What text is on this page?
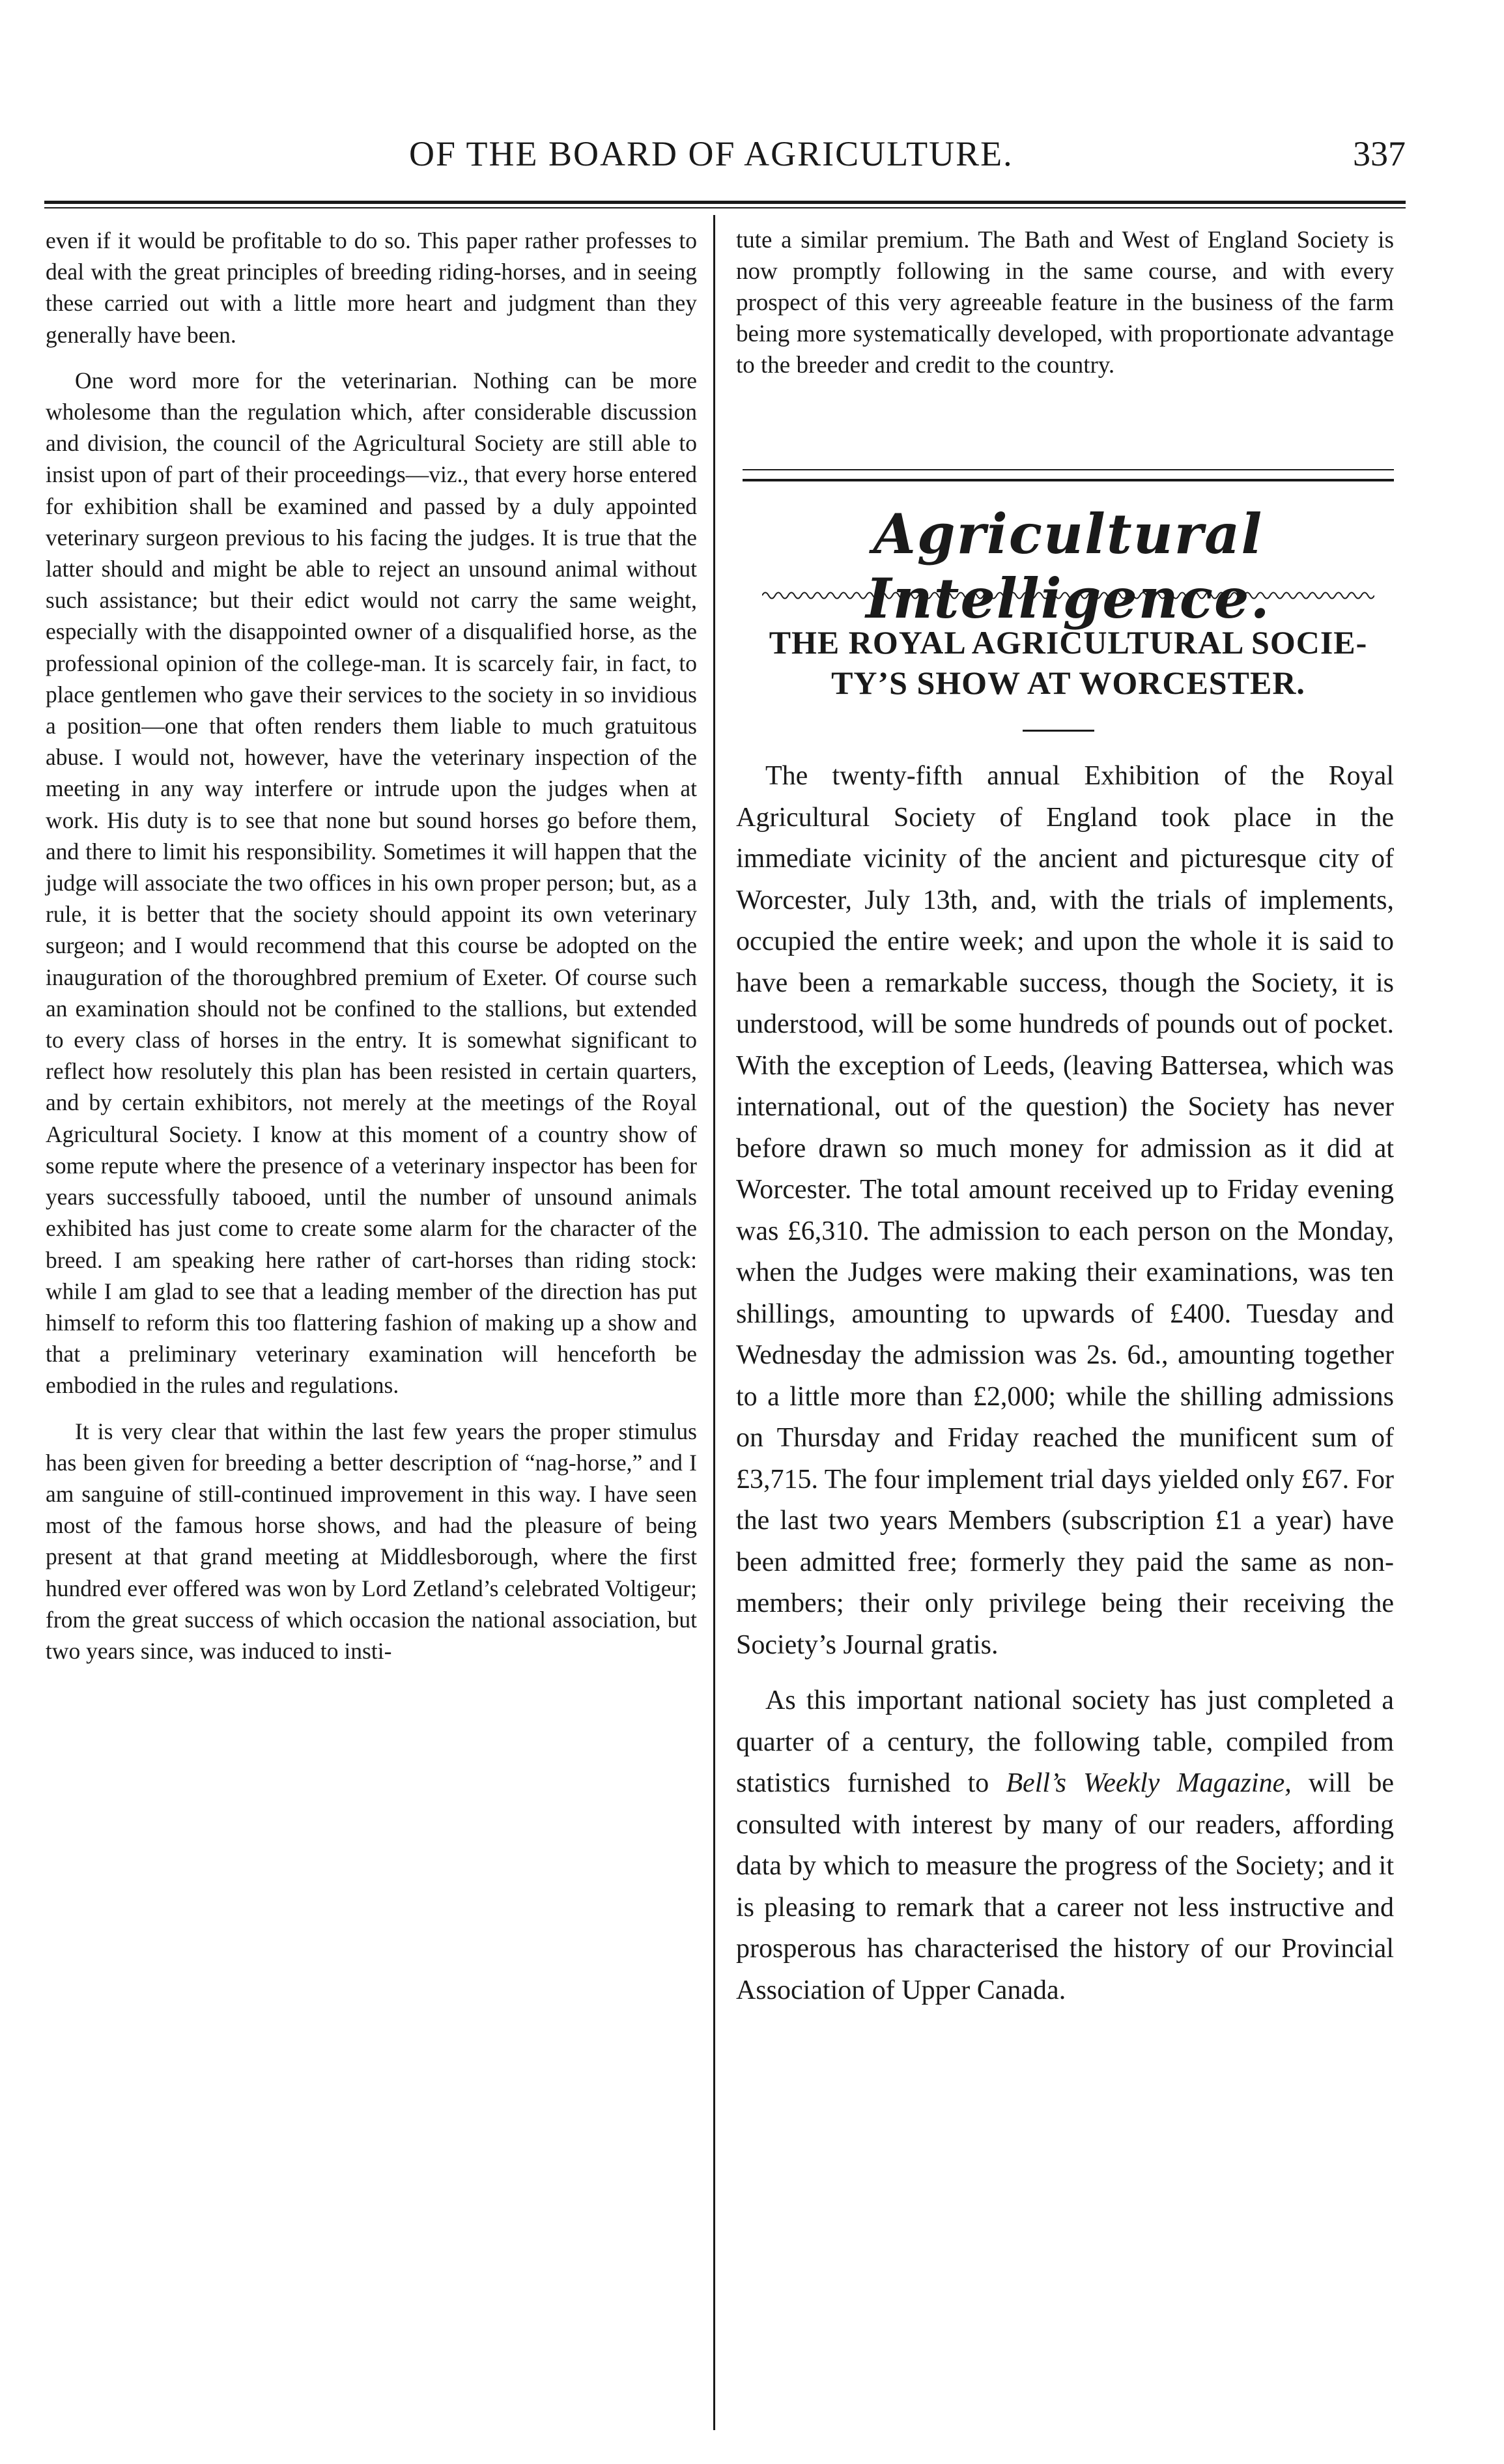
OF THE BOARD OF AGRICULTURE.	337

even if it would be profitable to do so. This paper rather professes to deal with the great principles of breeding riding-horses, and in seeing these carried out with a little more heart and judgment than they generally have been.

One word more for the veterinarian. Nothing can be more wholesome than the regulation which, after considerable discussion and division, the council of the Agricultural Society are still able to insist upon of part of their proceedings—viz., that every horse entered for exhibition shall be examined and passed by a duly appointed veterinary surgeon previous to his facing the judges. It is true that the latter should and might be able to reject an unsound animal without such assistance; but their edict would not carry the same weight, especially with the disappointed owner of a disqualified horse, as the professional opinion of the college-man. It is scarcely fair, in fact, to place gentlemen who gave their services to the society in so invidious a position—one that often renders them liable to much gratuitous abuse. I would not, however, have the veterinary inspection of the meeting in any way interfere or intrude upon the judges when at work. His duty is to see that none but sound horses go before them, and there to limit his responsibility. Sometimes it will happen that the judge will associate the two offices in his own proper person; but, as a rule, it is better that the society should appoint its own veterinary surgeon; and I would recommend that this course be adopted on the inauguration of the thoroughbred premium of Exeter. Of course such an examination should not be confined to the stallions, but extended to every class of horses in the entry. It is somewhat significant to reflect how resolutely this plan has been resisted in certain quarters, and by certain exhibitors, not merely at the meetings of the Royal Agricultural Society. I know at this moment of a country show of some repute where the presence of a veterinary inspector has been for years successfully tabooed, until the number of unsound animals exhibited has just come to create some alarm for the character of the breed. I am speaking here rather of cart-horses than riding stock: while I am glad to see that a leading member of the direction has put himself to reform this too flattering fashion of making up a show and that a preliminary veterinary examination will henceforth be embodied in the rules and regulations.

It is very clear that within the last few years the proper stimulus has been given for breeding a better description of “nag-horse,” and I am sanguine of still-continued improvement in this way. I have seen most of the famous horse shows, and had the pleasure of being present at that grand meeting at Middlesborough, where the first hundred ever offered was won by Lord Zetland’s celebrated Voltigeur; from the great success of which occasion the national association, but two years since, was induced to insti-

tute a similar premium. The Bath and West of England Society is now promptly following in the same course, and with every prospect of this very agreeable feature in the business of the farm being more systematically developed, with proportionate advantage to the breeder and credit to the country.

Agricultural Intelligence.
THE ROYAL AGRICULTURAL SOCIE-
TY’S SHOW AT WORCESTER.

The twenty-fifth annual Exhibition of the Royal Agricultural Society of England took place in the immediate vicinity of the ancient and picturesque city of Worcester, July 13th, and, with the trials of implements, occupied the entire week; and upon the whole it is said to have been a remarkable success, though the Society, it is understood, will be some hundreds of pounds out of pocket. With the exception of Leeds, (leaving Battersea, which was international, out of the question) the Society has never before drawn so much money for admission as it did at Worcester. The total amount received up to Friday evening was £6,310. The admission to each person on the Monday, when the Judges were making their examinations, was ten shillings, amounting to upwards of £400. Tuesday and Wednesday the admission was 2s. 6d., amounting together to a little more than £2,000; while the shilling admissions on Thursday and Friday reached the munificent sum of £3,715. The four implement trial days yielded only £67. For the last two years Members (subscription £1 a year) have been admitted free; formerly they paid the same as non-members; their only privilege being their receiving the Society’s Journal gratis.

As this important national society has just completed a quarter of a century, the following table, compiled from statistics furnished to Bell’s Weekly Magazine, will be consulted with interest by many of our readers, affording data by which to measure the progress of the Society; and it is pleasing to remark that a career not less instructive and prosperous has characterised the history of our Provincial Association of Upper Canada.
